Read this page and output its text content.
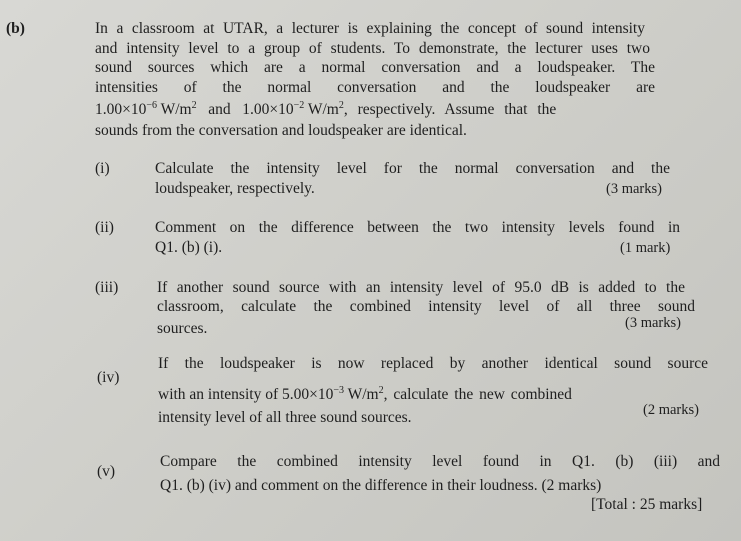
(b)	In a classroom at UTAR, a lecturer is explaining the concept of sound intensity
and intensity level to a group of students. To demonstrate, the lecturer uses two
sound sources which are a normal conversation and a loudspeaker. The
intensities of the normal conversation and the loudspeaker are
$1.00\times 10^{-6}$ $W/m^2$ and $1.00\times 10^{-2}$ $W/m^2$, respectively. Assume that the
sounds from the conversation and loudspeaker are identical.
(i)	Calculate the intensity level for the normal conversation and the
loudspeaker, respectively.	(3 marks)
(ii)	Comment on the difference between the two intensity levels found in
Q1. (b) (i).	(1 mark)
(iii)	If another sound source with an intensity level of 95.0 dB is added to the
classroom, calculate the combined intensity level of all three sound
sources.	(3 marks)
(iv)
If the loudspeaker is now replaced by another identical sound source
with an intensity of $5.00\times 10^{-3}$ $W/m^2$, calculate the new combined
intensity level of all three sound sources.	(2 marks)
(v)
Compare the combined intensity level found in Q1. (b) (iii) and
Q1. (b) (iv) and comment on the difference in their loudness. (2 marks)
[Total : 25 marks]
